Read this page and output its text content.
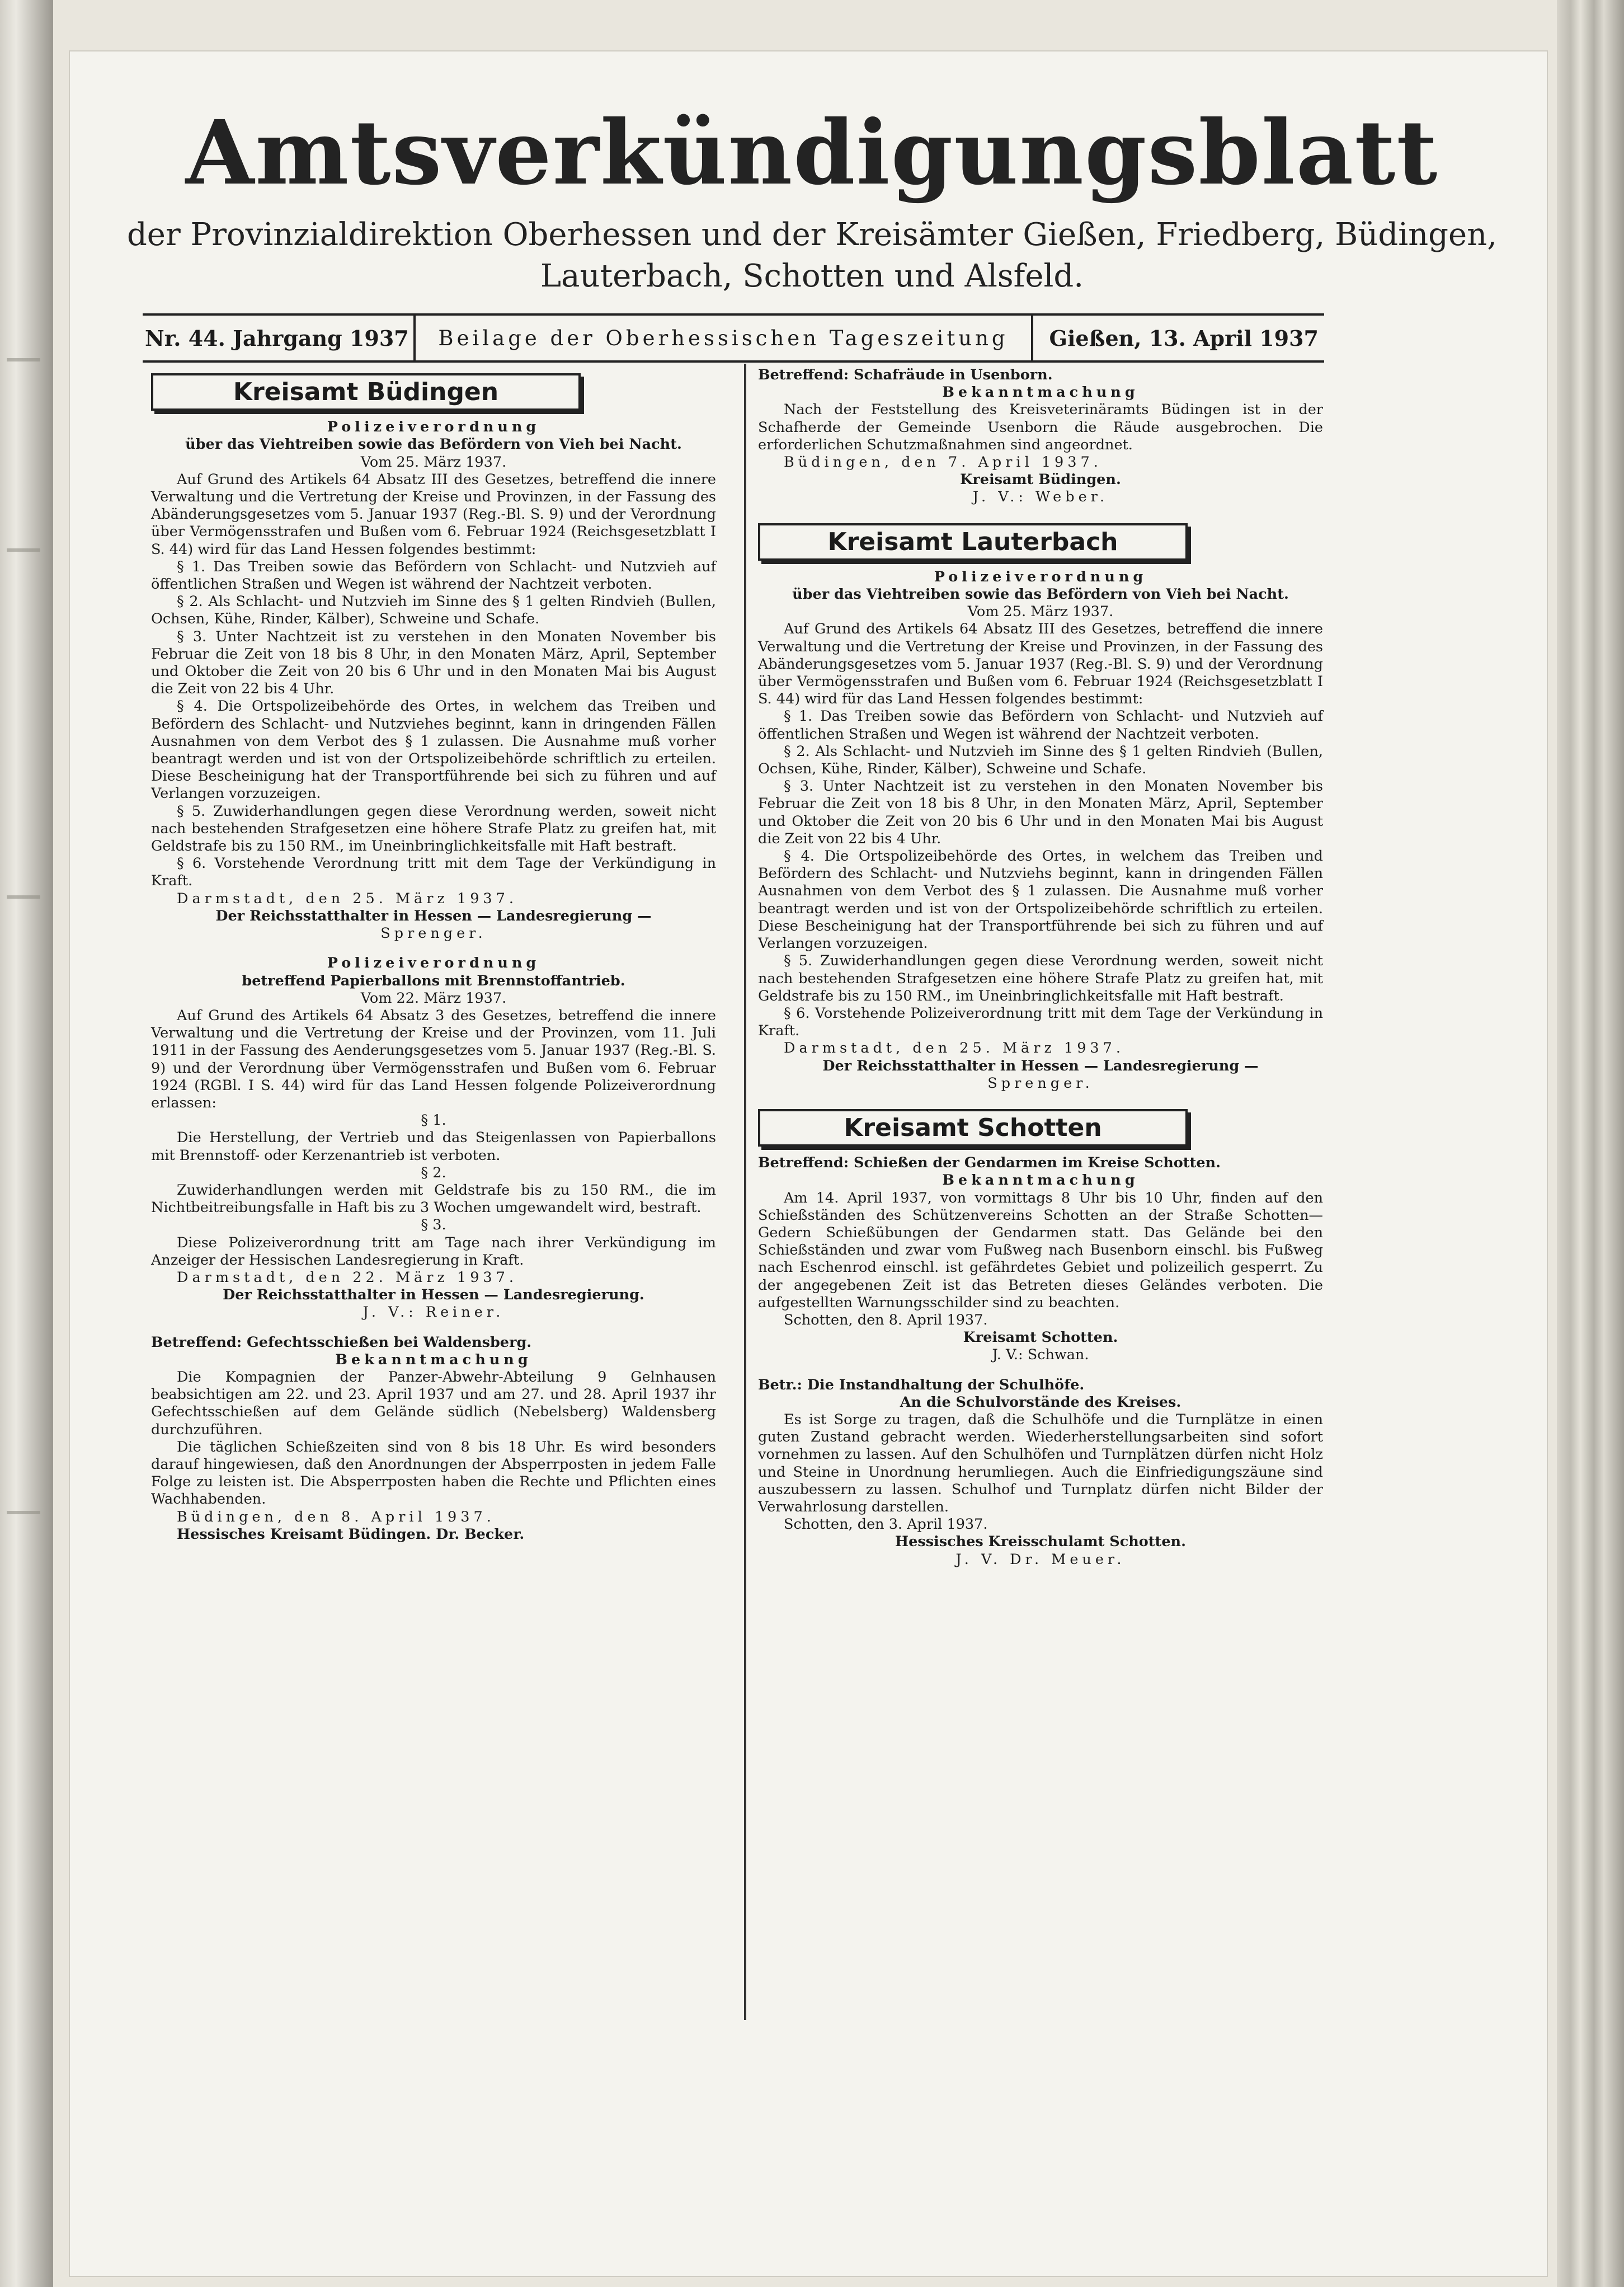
Amtsverkündigungsblatt
der Provinzialdirektion Oberhessen und der Kreisämter Gießen, Friedberg, Büdingen,
Lauterbach, Schotten und Alsfeld.
Nr. 44. Jahrgang 1937	Beilage der Oberhessischen Tageszeitung	Gießen, 13. April 1937
Kreisamt Büdingen
Polizeiverordnung
über das Viehtreiben sowie das Befördern von Vieh bei Nacht.
Vom 25. März 1937.
Auf Grund des Artikels 64 Absatz III des Gesetzes, betreffend die innere Verwaltung und die Vertretung der Kreise und Provinzen, in der Fassung des Abänderungsgesetzes vom 5. Januar 1937 (Reg.-Bl. S. 9) und der Verordnung über Vermögensstrafen und Bußen vom 6. Februar 1924 (Reichsgesetzblatt I S. 44) wird für das Land Hessen folgendes bestimmt:
§ 1. Das Treiben sowie das Befördern von Schlacht- und Nutzvieh auf öffentlichen Straßen und Wegen ist während der Nachtzeit verboten.
§ 2. Als Schlacht- und Nutzvieh im Sinne des § 1 gelten Rindvieh (Bullen, Ochsen, Kühe, Rinder, Kälber), Schweine und Schafe.
§ 3. Unter Nachtzeit ist zu verstehen in den Monaten November bis Februar die Zeit von 18 bis 8 Uhr, in den Monaten März, April, September und Oktober die Zeit von 20 bis 6 Uhr und in den Monaten Mai bis August die Zeit von 22 bis 4 Uhr.
§ 4. Die Ortspolizeibehörde des Ortes, in welchem das Treiben und Befördern des Schlacht- und Nutzviehes beginnt, kann in dringenden Fällen Ausnahmen von dem Verbot des § 1 zulassen. Die Ausnahme muß vorher beantragt werden und ist von der Ortspolizeibehörde schriftlich zu erteilen. Diese Bescheinigung hat der Transportführende bei sich zu führen und auf Verlangen vorzuzeigen.
§ 5. Zuwiderhandlungen gegen diese Verordnung werden, soweit nicht nach bestehenden Strafgesetzen eine höhere Strafe Platz zu greifen hat, mit Geldstrafe bis zu 150 RM., im Uneinbringlichkeitsfalle mit Haft bestraft.
§ 6. Vorstehende Verordnung tritt mit dem Tage der Verkündigung in Kraft.
Darmstadt, den 25. März 1937.
Der Reichsstatthalter in Hessen — Landesregierung —
Sprenger.
Polizeiverordnung
betreffend Papierballons mit Brennstoffantrieb.
Vom 22. März 1937.
Auf Grund des Artikels 64 Absatz 3 des Gesetzes, betreffend die innere Verwaltung und die Vertretung der Kreise und der Provinzen, vom 11. Juli 1911 in der Fassung des Aenderungsgesetzes vom 5. Januar 1937 (Reg.-Bl. S. 9) und der Verordnung über Vermögensstrafen und Bußen vom 6. Februar 1924 (RGBl. I S. 44) wird für das Land Hessen folgende Polizeiverordnung erlassen:
§ 1.
Die Herstellung, der Vertrieb und das Steigenlassen von Papierballons mit Brennstoff- oder Kerzenantrieb ist verboten.
§ 2.
Zuwiderhandlungen werden mit Geldstrafe bis zu 150 RM., die im Nichtbeitreibungsfalle in Haft bis zu 3 Wochen umgewandelt wird, bestraft.
§ 3.
Diese Polizeiverordnung tritt am Tage nach ihrer Verkündigung im Anzeiger der Hessischen Landesregierung in Kraft.
Darmstadt, den 22. März 1937.
Der Reichsstatthalter in Hessen — Landesregierung.
J. V.: Reiner.
Betreffend: Gefechtsschießen bei Waldensberg.
Bekanntmachung
Die Kompagnien der Panzer-Abwehr-Abteilung 9 Gelnhausen beabsichtigen am 22. und 23. April 1937 und am 27. und 28. April 1937 ihr Gefechtsschießen auf dem Gelände südlich (Nebelsberg) Waldensberg durchzuführen.
Die täglichen Schießzeiten sind von 8 bis 18 Uhr. Es wird besonders darauf hingewiesen, daß den Anordnungen der Absperrposten in jedem Falle Folge zu leisten ist. Die Absperrposten haben die Rechte und Pflichten eines Wachhabenden.
Büdingen, den 8. April 1937.
Hessisches Kreisamt Büdingen. Dr. Becker.
Betreffend: Schafräude in Usenborn.
Bekanntmachung
Nach der Feststellung des Kreisveterinäramts Büdingen ist in der Schafherde der Gemeinde Usenborn die Räude ausgebrochen. Die erforderlichen Schutzmaßnahmen sind angeordnet.
Büdingen, den 7. April 1937.
Kreisamt Büdingen.
J. V.: Weber.
Kreisamt Lauterbach
Polizeiverordnung
über das Viehtreiben sowie das Befördern von Vieh bei Nacht.
Vom 25. März 1937.
Auf Grund des Artikels 64 Absatz III des Gesetzes, betreffend die innere Verwaltung und die Vertretung der Kreise und Provinzen, in der Fassung des Abänderungsgesetzes vom 5. Januar 1937 (Reg.-Bl. S. 9) und der Verordnung über Vermögensstrafen und Bußen vom 6. Februar 1924 (Reichsgesetzblatt I S. 44) wird für das Land Hessen folgendes bestimmt:
§ 1. Das Treiben sowie das Befördern von Schlacht- und Nutzvieh auf öffentlichen Straßen und Wegen ist während der Nachtzeit verboten.
§ 2. Als Schlacht- und Nutzvieh im Sinne des § 1 gelten Rindvieh (Bullen, Ochsen, Kühe, Rinder, Kälber), Schweine und Schafe.
§ 3. Unter Nachtzeit ist zu verstehen in den Monaten November bis Februar die Zeit von 18 bis 8 Uhr, in den Monaten März, April, September und Oktober die Zeit von 20 bis 6 Uhr und in den Monaten Mai bis August die Zeit von 22 bis 4 Uhr.
§ 4. Die Ortspolizeibehörde des Ortes, in welchem das Treiben und Befördern des Schlacht- und Nutzviehs beginnt, kann in dringenden Fällen Ausnahmen von dem Verbot des § 1 zulassen. Die Ausnahme muß vorher beantragt werden und ist von der Ortspolizeibehörde schriftlich zu erteilen. Diese Bescheinigung hat der Transportführende bei sich zu führen und auf Verlangen vorzuzeigen.
§ 5. Zuwiderhandlungen gegen diese Verordnung werden, soweit nicht nach bestehenden Strafgesetzen eine höhere Strafe Platz zu greifen hat, mit Geldstrafe bis zu 150 RM., im Uneinbringlichkeitsfalle mit Haft bestraft.
§ 6. Vorstehende Polizeiverordnung tritt mit dem Tage der Verkündung in Kraft.
Darmstadt, den 25. März 1937.
Der Reichsstatthalter in Hessen — Landesregierung —
Sprenger.
Kreisamt Schotten
Betreffend: Schießen der Gendarmen im Kreise Schotten.
Bekanntmachung
Am 14. April 1937, von vormittags 8 Uhr bis 10 Uhr, finden auf den Schießständen des Schützenvereins Schotten an der Straße Schotten—Gedern Schießübungen der Gendarmen statt. Das Gelände bei den Schießständen und zwar vom Fußweg nach Busenborn einschl. bis Fußweg nach Eschenrod einschl. ist gefährdetes Gebiet und polizeilich gesperrt. Zu der angegebenen Zeit ist das Betreten dieses Geländes verboten. Die aufgestellten Warnungsschilder sind zu beachten.
Schotten, den 8. April 1937.
Kreisamt Schotten.
J. V.: Schwan.
Betr.: Die Instandhaltung der Schulhöfe.
An die Schulvorstände des Kreises.
Es ist Sorge zu tragen, daß die Schulhöfe und die Turnplätze in einen guten Zustand gebracht werden. Wiederherstellungsarbeiten sind sofort vornehmen zu lassen. Auf den Schulhöfen und Turnplätzen dürfen nicht Holz und Steine in Unordnung herumliegen. Auch die Einfriedigungszäune sind auszubessern zu lassen. Schulhof und Turnplatz dürfen nicht Bilder der Verwahrlosung darstellen.
Schotten, den 3. April 1937.
Hessisches Kreisschulamt Schotten.
J. V. Dr. Meuer.
